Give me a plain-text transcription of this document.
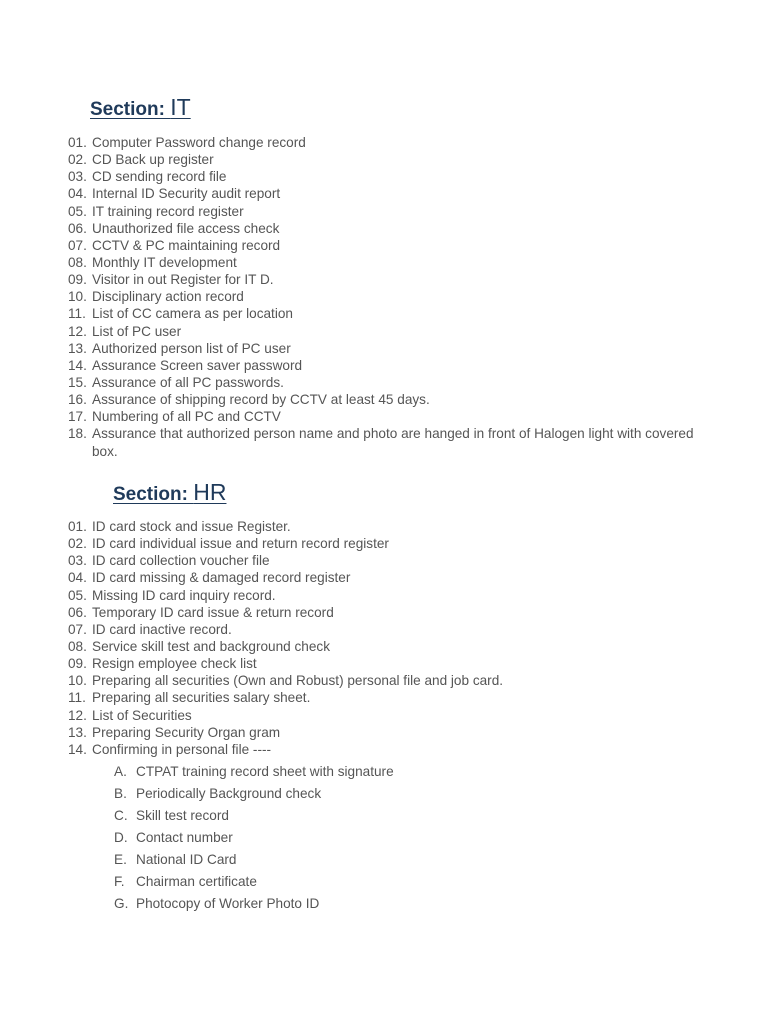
Section: IT
01. Computer Password change record
02. CD Back up register
03. CD sending record file
04. Internal ID Security audit report
05. IT training record register
06. Unauthorized file access check
07. CCTV & PC maintaining record
08. Monthly IT development
09. Visitor in out Register for IT D.
10. Disciplinary action record
11. List of CC camera as per location
12. List of PC user
13. Authorized person list of PC user
14. Assurance Screen saver password
15. Assurance of all PC passwords.
16. Assurance of shipping record by CCTV at least 45 days.
17. Numbering of all PC and CCTV
18. Assurance that authorized person name and photo are hanged in front of Halogen light with covered box.
Section: HR
01. ID card stock and issue Register.
02. ID card individual issue and return record register
03. ID card collection voucher file
04. ID card missing & damaged record register
05. Missing ID card inquiry record.
06. Temporary ID card issue & return record
07. ID card inactive record.
08. Service skill test and background check
09. Resign employee check list
10. Preparing all securities (Own and Robust) personal file and job card.
11. Preparing all securities salary sheet.
12. List of Securities
13. Preparing Security Organ gram
14. Confirming in personal file ----
A. CTPAT training record sheet with signature
B. Periodically Background check
C. Skill test record
D. Contact number
E. National ID Card
F. Chairman certificate
G. Photocopy of Worker Photo ID
